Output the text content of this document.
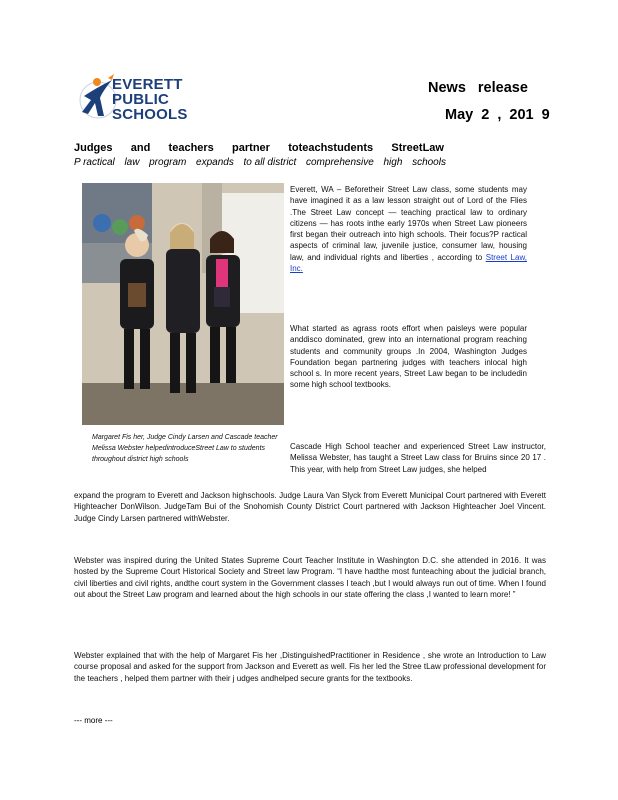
EVERETT
PUBLIC
SCHOOLS
News release
May 2 , 201 9
Judges and teachers partner toteachstudents StreetLaw
P ractical law program expands to all district comprehensive high schools
Margaret Fis her, Judge Cindy Larsen and Cascade teacher Melissa Webster helpedintroduceStreet Law to students throughout district high schools
Everett, WA – Beforetheir Street Law class, some students may have imagined it as a law lesson straight out of Lord of the Flies .The Street Law concept — teaching practical law to ordinary citizens — has roots inthe early 1970s when Street Law pioneers first began their outreach into high schools. Their focus?P ractical aspects of criminal law, juvenile justice, consumer law, housing law, and individual rights and liberties , according to Street Law, Inc.
What started as agrass roots effort when paisleys were popular anddisco dominated, grew into an international program reaching students and community groups .In 2004, Washington Judges Foundation began partnering judges with teachers inlocal high school s. In more recent years, Street Law began to be includedin some high school textbooks.
Cascade High School teacher and experienced Street Law instructor, Melissa Webster, has taught a Street Law class for Bruins since 20 17 . This year, with help from Street Law judges, she helped
expand the program to Everett and Jackson highschools. Judge Laura Van Slyck from Everett Municipal Court partnered with Everett Highteacher DonWilson. JudgeTam Bui of the Snohomish County District Court partnered with Jackson Highteacher Joel Vincent. Judge Cindy Larsen partnered withWebster.
Webster was inspired during the United States Supreme Court Teacher Institute in Washington D.C. she attended in 2016. It was hosted by the Supreme Court Historical Society and Street law Program. “I have hadthe most funteaching about the judicial branch, civil liberties and civil rights, andthe court system in the Government classes I teach ,but I would always run out of time. When I found out about the Street Law program and learned about the high schools in our state offering the class ,I wanted to learn more! ”
Webster explained that with the help of Margaret Fis her ,DistinguishedPractitioner in Residence , she wrote an Introduction to Law course proposal and asked for the support from Jackson and Everett as well. Fis her led the Stree tLaw professional development for the teachers , helped them partner with their j udges andhelped secure grants for the textbooks.
--- more ---
